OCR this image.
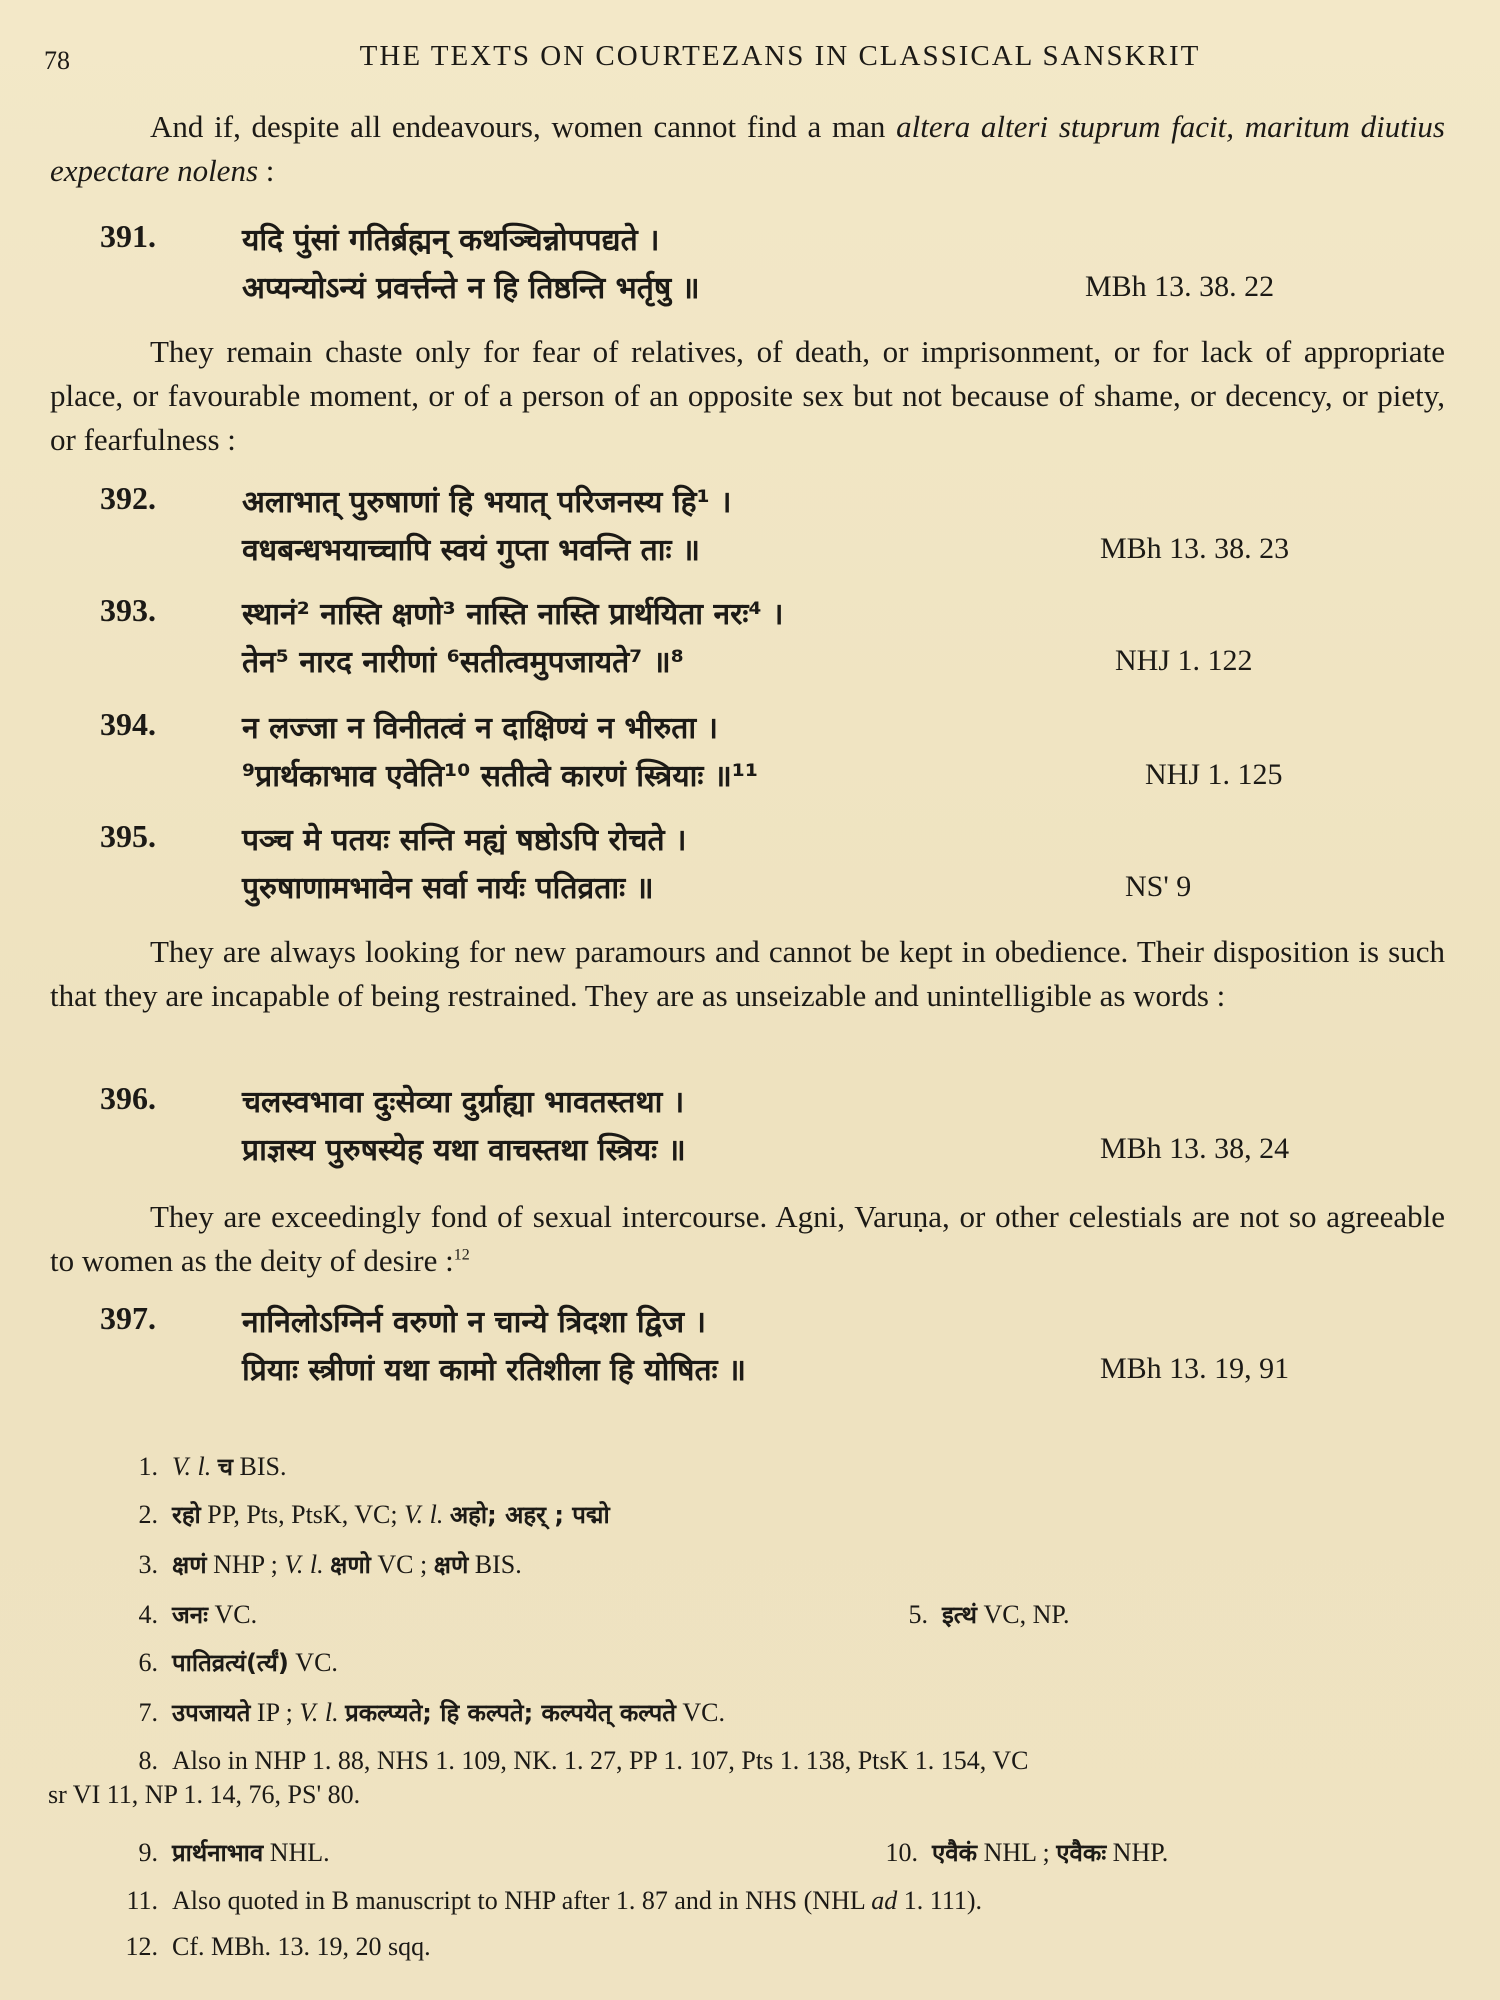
78	THE TEXTS ON COURTEZANS IN CLASSICAL SANSKRIT

And if, despite all endeavours, women cannot find a man altera alteri stuprum facit, maritum diutius expectare nolens :

391.	यदि पुंसां गतिर्ब्रह्मन् कथञ्चिन्नोपपद्यते ।
अप्यन्योऽन्यं प्रवर्त्तन्ते न हि तिष्ठन्ति भर्तृषु ॥	MBh 13. 38. 22

They remain chaste only for fear of relatives, of death, or imprisonment, or for lack of appropriate place, or favourable moment, or of a person of an opposite sex but not because of shame, or decency, or piety, or fearfulness :

392.	अलाभात् पुरुषाणां हि भयात् परिजनस्य हि¹ ।
वधबन्धभयाच्चापि स्वयं गुप्ता भवन्ति ताः ॥	MBh 13. 38. 23
393.	स्थानं² नास्ति क्षणो³ नास्ति नास्ति प्रार्थयिता नरः⁴ ।
तेन⁵ नारद नारीणां ⁶सतीत्वमुपजायते⁷ ॥⁸	NHJ 1. 122
394.	न लज्जा न विनीतत्वं न दाक्षिण्यं न भीरुता ।
⁹प्रार्थकाभाव एवेति¹⁰ सतीत्वे कारणं स्त्रियाः ॥¹¹	NHJ 1. 125
395.	पञ्च मे पतयः सन्ति मह्यं षष्ठोऽपि रोचते ।
पुरुषाणामभावेन सर्वा नार्यः पतिव्रताः ॥	NS' 9

They are always looking for new paramours and cannot be kept in obedience. Their disposition is such that they are incapable of being restrained. They are as unseizable and unintelligible as words :

396.	चलस्वभावा दुःसेव्या दुर्ग्राह्या भावतस्तथा ।
प्राज्ञस्य पुरुषस्येह यथा वाचस्तथा स्त्रियः ॥	MBh 13. 38, 24

They are exceedingly fond of sexual intercourse. Agni, Varuṇa, or other celestials are not so agreeable to women as the deity of desire :$^{12}$

397.	नानिलोऽग्निर्न वरुणो न चान्ये त्रिदशा द्विज ।
प्रियाः स्त्रीणां यथा कामो रतिशीला हि योषितः ॥	MBh 13. 19, 91
1. V. l. च BIS.
2. रहो PP, Pts, PtsK, VC; V. l. अहो; अहर् ; पद्मो
3. क्षणं NHP ; V. l. क्षणो VC ; क्षणे BIS.
4. जनः VC.	5. इत्थं VC, NP.
6. पातिव्रत्यं(र्त्यं) VC.
7. उपजायते IP ; V. l. प्रकल्प्यते; हि कल्पते; कल्पयेत् कल्पते VC.
8. Also in NHP 1. 88, NHS 1. 109, NK. 1. 27, PP 1. 107, Pts 1. 138, PtsK 1. 154, VC
sr VI 11, NP 1. 14, 76, PS' 80.
9. प्रार्थनाभाव NHL.	10. एवैकं NHL ; एवैकः NHP.
11. Also quoted in B manuscript to NHP after 1. 87 and in NHS (NHL ad 1. 111).
12. Cf. MBh. 13. 19, 20 sqq.
